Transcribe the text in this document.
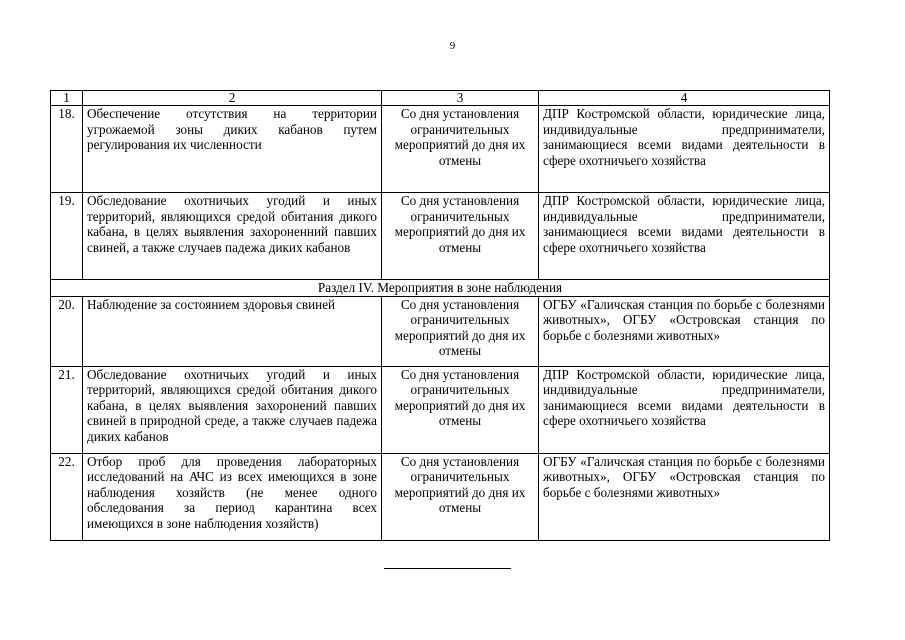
9
1	2	3	4
18.	Обеспечение отсутствия на территории угрожаемой зоны диких кабанов путем регулирования их численности	Со дня установления ограничительных мероприятий до дня их отмены	ДПР Костромской области, юридические лица, индивидуальные предприниматели, занимающиеся всеми видами деятельности в сфере охотничьего хозяйства
19.	Обследование охотничьих угодий и иных территорий, являющихся средой обитания дикого кабана, в целях выявления захороненний павших свиней, а также случаев падежа диких кабанов	Со дня установления ограничительных мероприятий до дня их отмены	ДПР Костромской области, юридические лица, индивидуальные предприниматели, занимающиеся всеми видами деятельности в сфере охотничьего хозяйства
Раздел IV. Мероприятия в зоне наблюдения			
20.	Наблюдение за состоянием здоровья свиней	Со дня установления ограничительных мероприятий до дня их отмены	ОГБУ «Галичская станция по борьбе с болезнями животных», ОГБУ «Островская станция по борьбе с болезнями животных»
21.	Обследование охотничьих угодий и иных территорий, являющихся средой обитания дикого кабана, в целях выявления захоронений павших свиней в природной среде, а также случаев падежа диких кабанов	Со дня установления ограничительных мероприятий до дня их отмены	ДПР Костромской области, юридические лица, индивидуальные предприниматели, занимающиеся всеми видами деятельности в сфере охотничьего хозяйства
22.	Отбор проб для проведения лабораторных исследований на АЧС из всех имеющихся в зоне наблюдения хозяйств (не менее одного обследования за период карантина всех имеющихся в зоне наблюдения хозяйств)	Со дня установления ограничительных мероприятий до дня их отмены	ОГБУ «Галичская станция по борьбе с болезнями животных», ОГБУ «Островская станция по борьбе с болезнями животных»
